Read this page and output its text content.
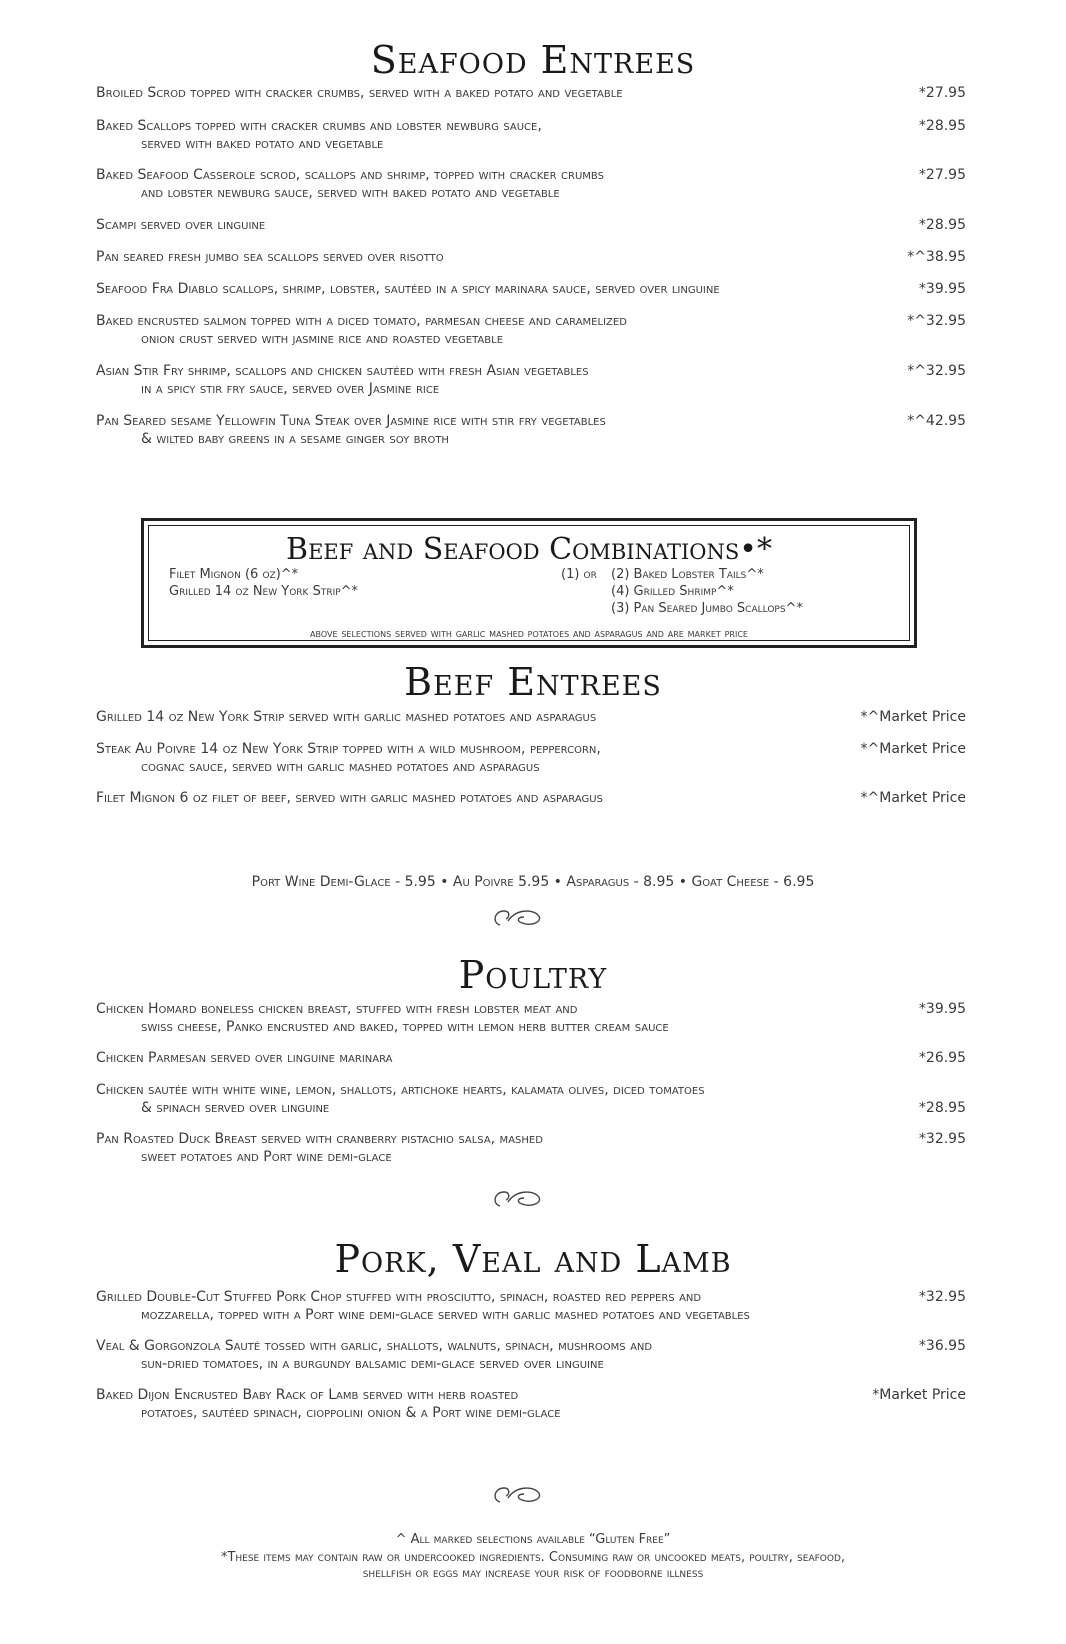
Seafood Entrees
Broiled Scrod topped with cracker crumbs, served with a baked potato and vegetable	*27.95
Baked Scallops topped with cracker crumbs and lobster newburg sauce,
served with baked potato and vegetable
*28.95
Baked Seafood Casserole scrod, scallops and shrimp, topped with cracker crumbs
and lobster newburg sauce, served with baked potato and vegetable
*27.95
Scampi served over linguine	*28.95
Pan seared fresh jumbo sea scallops served over risotto	*^38.95
Seafood Fra Diablo scallops, shrimp, lobster, sautéed in a spicy marinara sauce, served over linguine	*39.95
Baked encrusted salmon topped with a diced tomato, parmesan cheese and caramelized
onion crust served with jasmine rice and roasted vegetable
*^32.95
Asian Stir Fry shrimp, scallops and chicken sautéed with fresh Asian vegetables
in a spicy stir fry sauce, served over Jasmine rice
*^32.95
Pan Seared sesame Yellowfin Tuna Steak over Jasmine rice with stir fry vegetables
& wilted baby greens in a sesame ginger soy broth
*^42.95
Beef and Seafood Combinations•*
Filet Mignon (6 oz)^*
Grilled 14 oz New York Strip^*
(1) or (2) Baked Lobster Tails^*
(4) Grilled Shrimp^*
(3) Pan Seared Jumbo Scallops^*
above selections served with garlic mashed potatoes and asparagus and are market price
Beef Entrees
Grilled 14 oz New York Strip served with garlic mashed potatoes and asparagus	*^Market Price
Steak Au Poivre 14 oz New York Strip topped with a wild mushroom, peppercorn,
cognac sauce, served with garlic mashed potatoes and asparagus
*^Market Price
Filet Mignon 6 oz filet of beef, served with garlic mashed potatoes and asparagus	*^Market Price
Port Wine Demi-Glace - 5.95 • Au Poivre 5.95 • Asparagus - 8.95 • Goat Cheese - 6.95
Poultry
Chicken Homard boneless chicken breast, stuffed with fresh lobster meat and
swiss cheese, Panko encrusted and baked, topped with lemon herb butter cream sauce
*39.95
Chicken Parmesan served over linguine marinara	*26.95
Chicken sautée with white wine, lemon, shallots, artichoke hearts, kalamata olives, diced tomatoes
& spinach served over linguine	*28.95
Pan Roasted Duck Breast served with cranberry pistachio salsa, mashed
sweet potatoes and Port wine demi-glace
*32.95
Pork, Veal and Lamb
Grilled Double-Cut Stuffed Pork Chop stuffed with prosciutto, spinach, roasted red peppers and
mozzarella, topped with a Port wine demi-glace served with garlic mashed potatoes and vegetables
*32.95
Veal & Gorgonzola Sauté tossed with garlic, shallots, walnuts, spinach, mushrooms and
sun-dried tomatoes, in a burgundy balsamic demi-glace served over linguine
*36.95
Baked Dijon Encrusted Baby Rack of Lamb served with herb roasted
potatoes, sautéed spinach, cioppolini onion & a Port wine demi-glace
*Market Price
^ All marked selections available “Gluten Free”
*These items may contain raw or undercooked ingredients. Consuming raw or uncooked meats, poultry, seafood,
shellfish or eggs may increase your risk of foodborne illness
